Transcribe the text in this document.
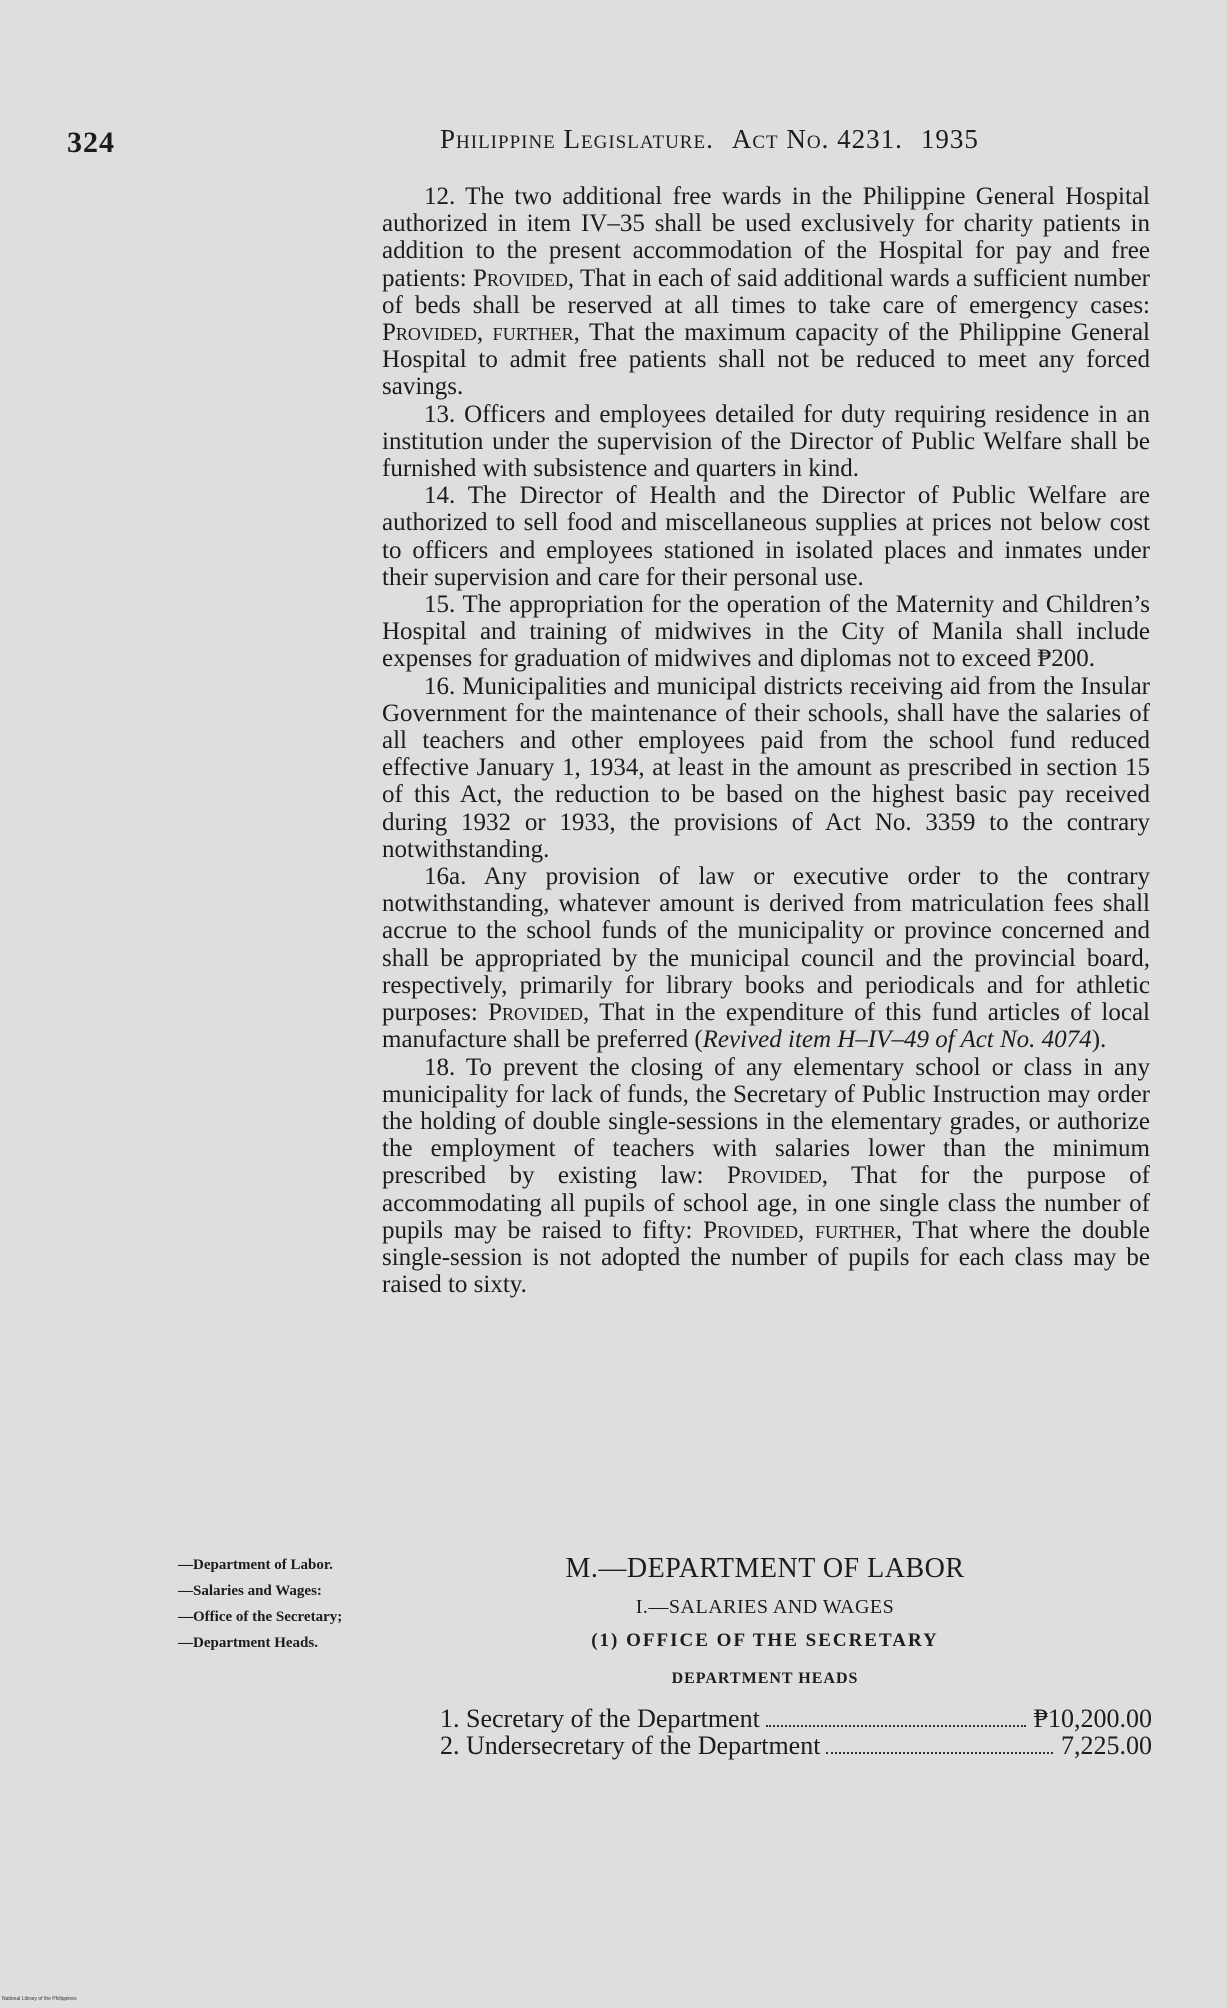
324	Philippine Legislature. Act No. 4231. 1935

12. The two additional free wards in the Philippine General Hospital authorized in item IV–35 shall be used exclusively for charity patients in addition to the present accommodation of the Hospital for pay and free patients: Provided, That in each of said additional wards a sufficient number of beds shall be reserved at all times to take care of emergency cases: Provided, further, That the maximum capacity of the Philippine General Hospital to admit free patients shall not be reduced to meet any forced savings.

13. Officers and employees detailed for duty requiring residence in an institution under the supervision of the Director of Public Welfare shall be furnished with subsistence and quarters in kind.

14. The Director of Health and the Director of Public Welfare are authorized to sell food and miscellaneous supplies at prices not below cost to officers and employees stationed in isolated places and inmates under their supervision and care for their personal use.

15. The appropriation for the operation of the Maternity and Children’s Hospital and training of midwives in the City of Manila shall include expenses for graduation of midwives and diplomas not to exceed ₱200.

16. Municipalities and municipal districts receiving aid from the Insular Government for the maintenance of their schools, shall have the salaries of all teachers and other employees paid from the school fund reduced effective January 1, 1934, at least in the amount as prescribed in section 15 of this Act, the reduction to be based on the highest basic pay received during 1932 or 1933, the provisions of Act No. 3359 to the contrary notwithstanding.

16a. Any provision of law or executive order to the contrary notwithstanding, whatever amount is derived from matriculation fees shall accrue to the school funds of the municipality or province concerned and shall be appropriated by the municipal council and the provincial board, respectively, primarily for library books and periodicals and for athletic purposes: Provided, That in the expenditure of this fund articles of local manufacture shall be preferred (Revived item H–IV–49 of Act No. 4074).

18. To prevent the closing of any elementary school or class in any municipality for lack of funds, the Secretary of Public Instruction may order the holding of double single-sessions in the elementary grades, or authorize the employment of teachers with salaries lower than the minimum prescribed by existing law: Provided, That for the purpose of accommodating all pupils of school age, in one single class the number of pupils may be raised to fifty: Provided, further, That where the double single-session is not adopted the number of pupils for each class may be raised to sixty.

—Department of Labor.
—Salaries and Wages:
—Office of the Secretary;
—Department Heads.
M.—DEPARTMENT OF LABOR
I.—SALARIES AND WAGES
(1) OFFICE OF THE SECRETARY
DEPARTMENT HEADS
1. Secretary of the Department	₱10,200.00
2. Undersecretary of the Department	7,225.00
National Library of the Philippines
